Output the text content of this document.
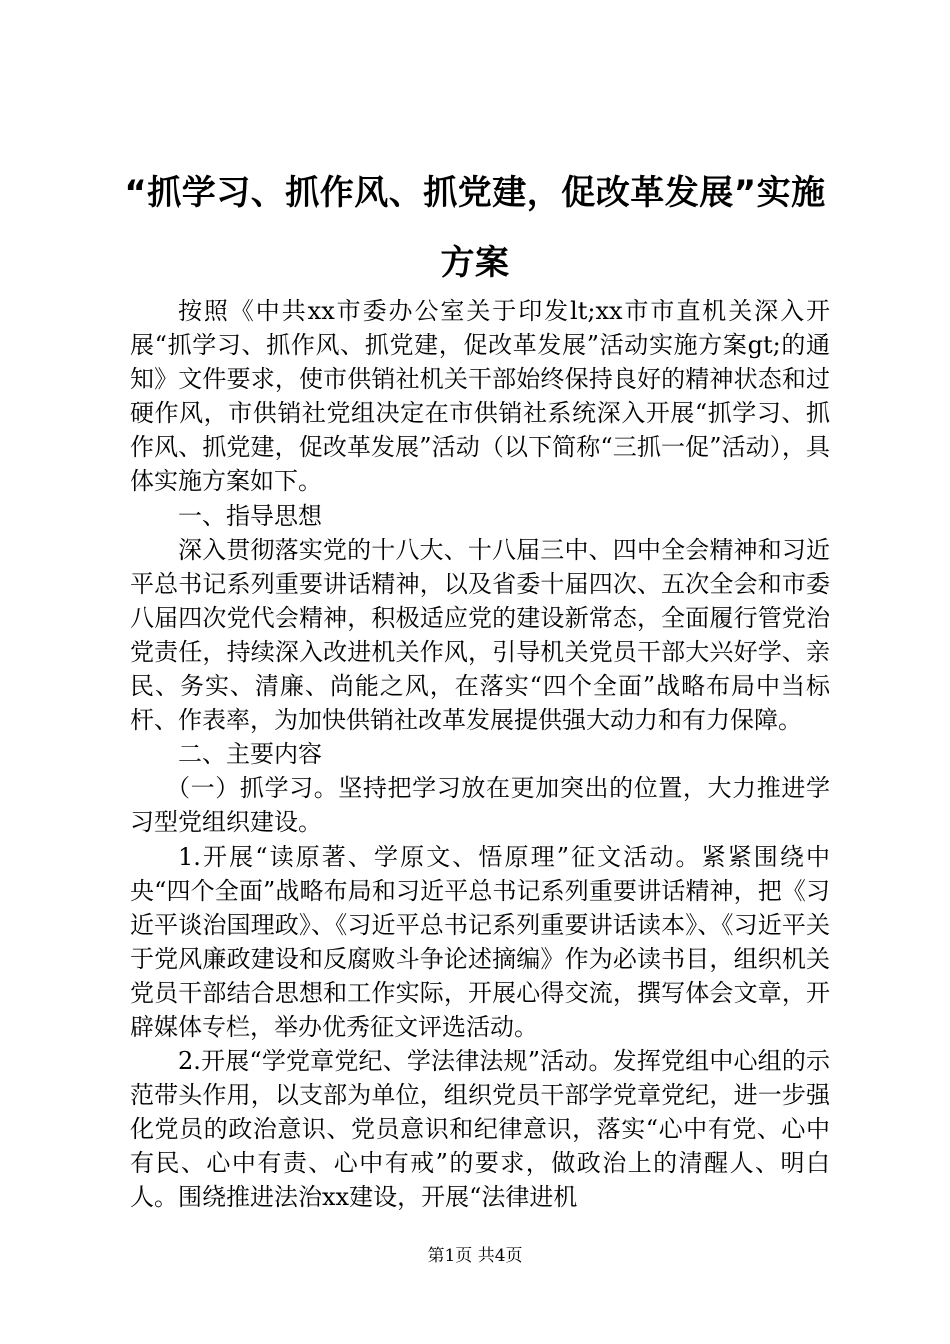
“抓学习、抓作风、抓党建，促改革发展”实施方案

按照《中共xx市委办公室关于印发lt;xx市市直机关深入开展“抓学习、抓作风、抓党建，促改革发展”活动实施方案gt;的通知》文件要求，使市供销社机关干部始终保持良好的精神状态和过硬作风，市供销社党组决定在市供销社系统深入开展“抓学习、抓作风、抓党建，促改革发展”活动（以下简称“三抓一促”活动），具体实施方案如下。

一、指导思想

深入贯彻落实党的十八大、十八届三中、四中全会精神和习近平总书记系列重要讲话精神，以及省委十届四次、五次全会和市委八届四次党代会精神，积极适应党的建设新常态，全面履行管党治党责任，持续深入改进机关作风，引导机关党员干部大兴好学、亲民、务实、清廉、尚能之风，在落实“四个全面”战略布局中当标杆、作表率，为加快供销社改革发展提供强大动力和有力保障。

二、主要内容

（一）抓学习。坚持把学习放在更加突出的位置，大力推进学习型党组织建设。

1.开展“读原著、学原文、悟原理”征文活动。紧紧围绕中央“四个全面”战略布局和习近平总书记系列重要讲话精神，把《习近平谈治国理政》、《习近平总书记系列重要讲话读本》、《习近平关于党风廉政建设和反腐败斗争论述摘编》作为必读书目，组织机关党员干部结合思想和工作实际，开展心得交流，撰写体会文章，开辟媒体专栏，举办优秀征文评选活动。

2.开展“学党章党纪、学法律法规”活动。发挥党组中心组的示范带头作用，以支部为单位，组织党员干部学党章党纪，进一步强化党员的政治意识、党员意识和纪律意识，落实“心中有党、心中有民、心中有责、心中有戒”的要求，做政治上的清醒人、明白人。围绕推进法治xx建设，开展“法律进机

第1页 共4页
